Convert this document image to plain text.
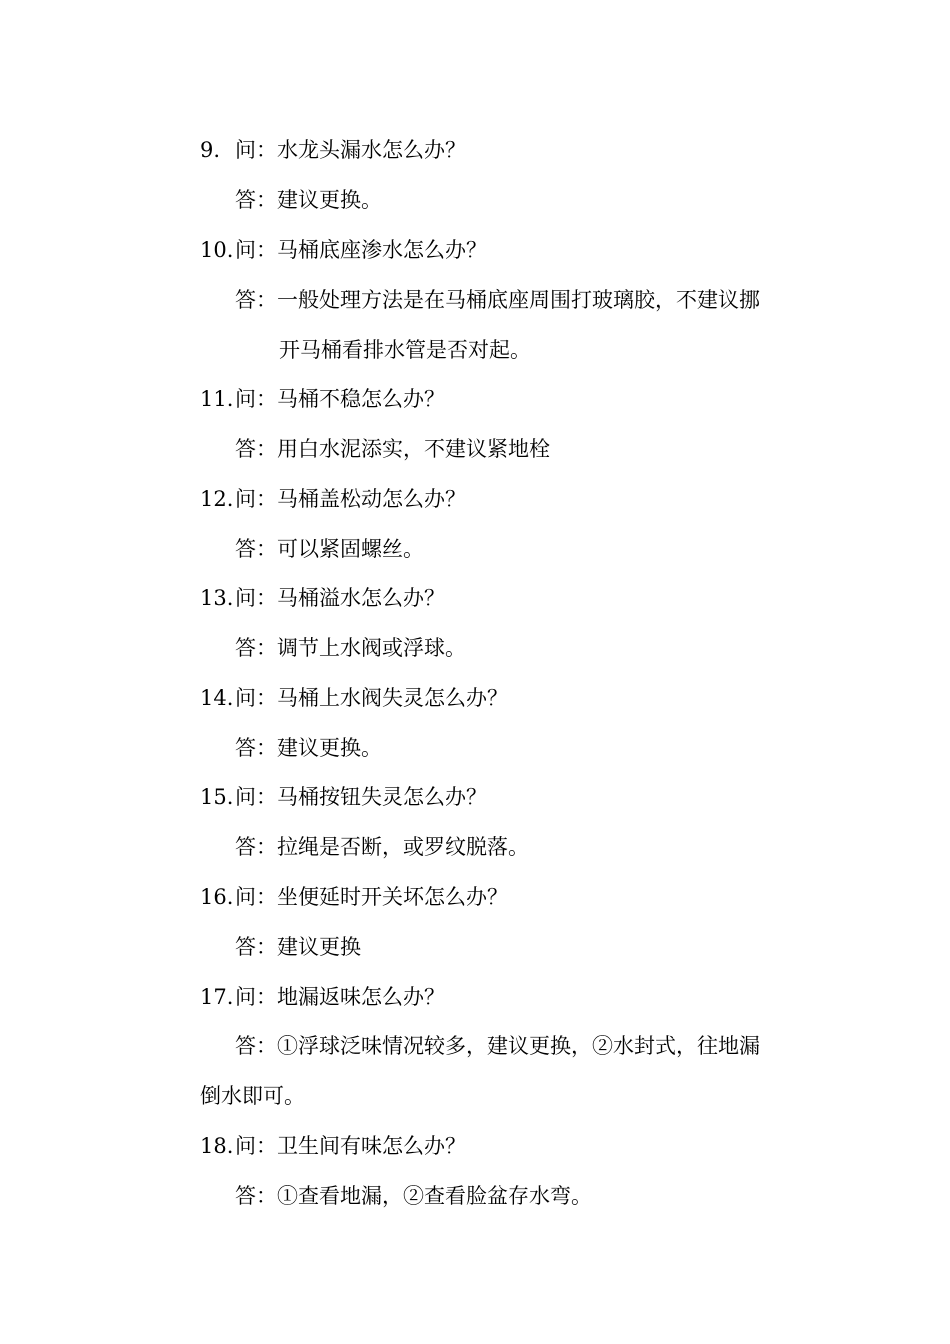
9. 问：水龙头漏水怎么办？
答：建议更换。
10.问：马桶底座渗水怎么办？
答：一般处理方法是在马桶底座周围打玻璃胶，不建议挪
开马桶看排水管是否对起。
11.问：马桶不稳怎么办？
答：用白水泥添实，不建议紧地栓
12.问：马桶盖松动怎么办？
答：可以紧固螺丝。
13.问：马桶溢水怎么办？
答：调节上水阀或浮球。
14.问：马桶上水阀失灵怎么办？
答：建议更换。
15.问：马桶按钮失灵怎么办？
答：拉绳是否断，或罗纹脱落。
16.问：坐便延时开关坏怎么办？
答：建议更换
17.问：地漏返味怎么办？
答：①浮球泛味情况较多，建议更换，②水封式，往地漏
倒水即可。
18.问：卫生间有味怎么办？
答：①查看地漏，②查看脸盆存水弯。
